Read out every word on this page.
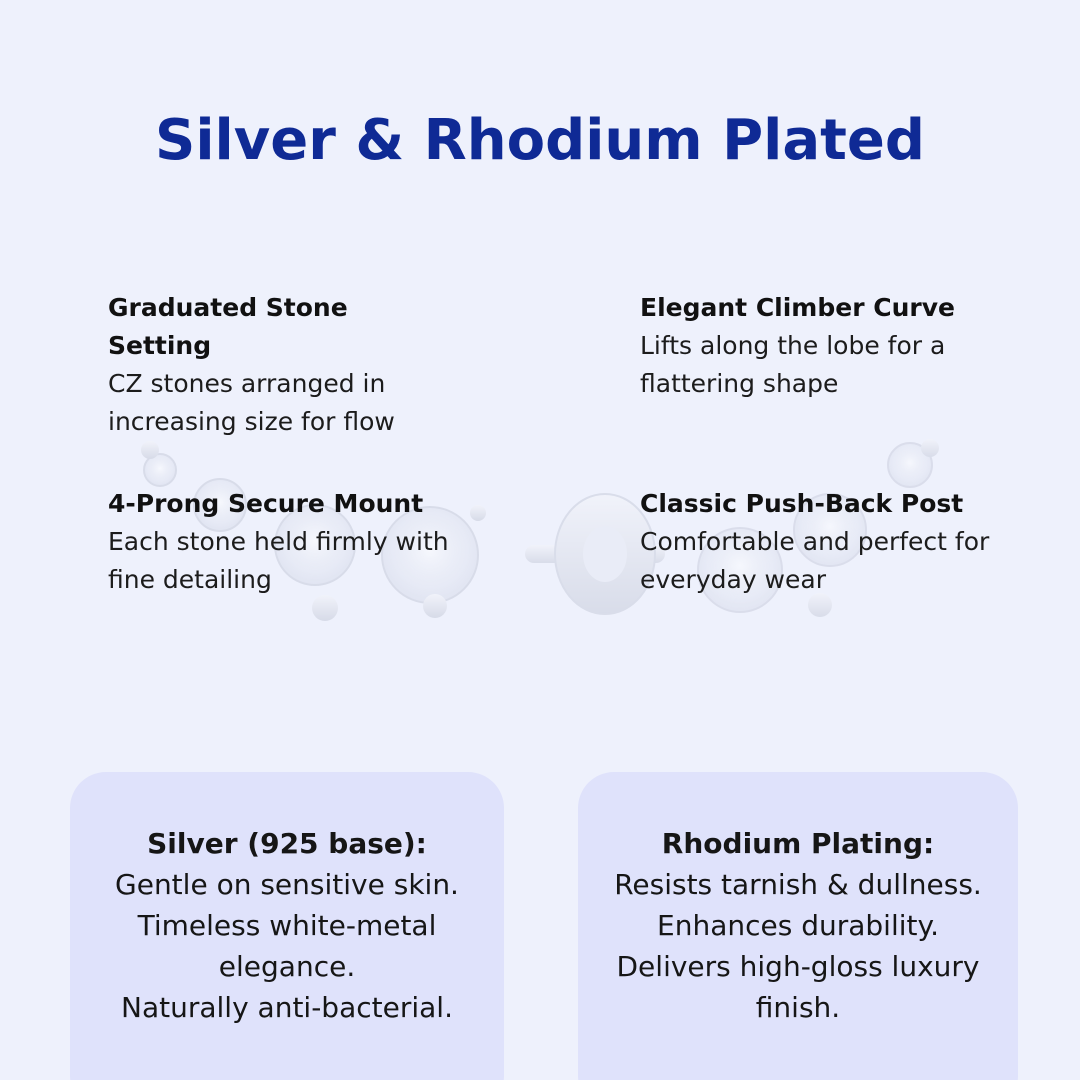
Silver & Rhodium Plated
Graduated Stone Setting
CZ stones arranged in increasing size for flow
Elegant Climber Curve
Lifts along the lobe for a flattering shape
4-Prong Secure Mount
Each stone held firmly with fine detailing
Classic Push-Back Post
Comfortable and perfect for everyday wear
Silver (925 base):
Gentle on sensitive skin.
Timeless white-metal elegance.
Naturally anti-bacterial.
Rhodium Plating:
Resists tarnish & dullness.
Enhances durability.
Delivers high-gloss luxury finish.
